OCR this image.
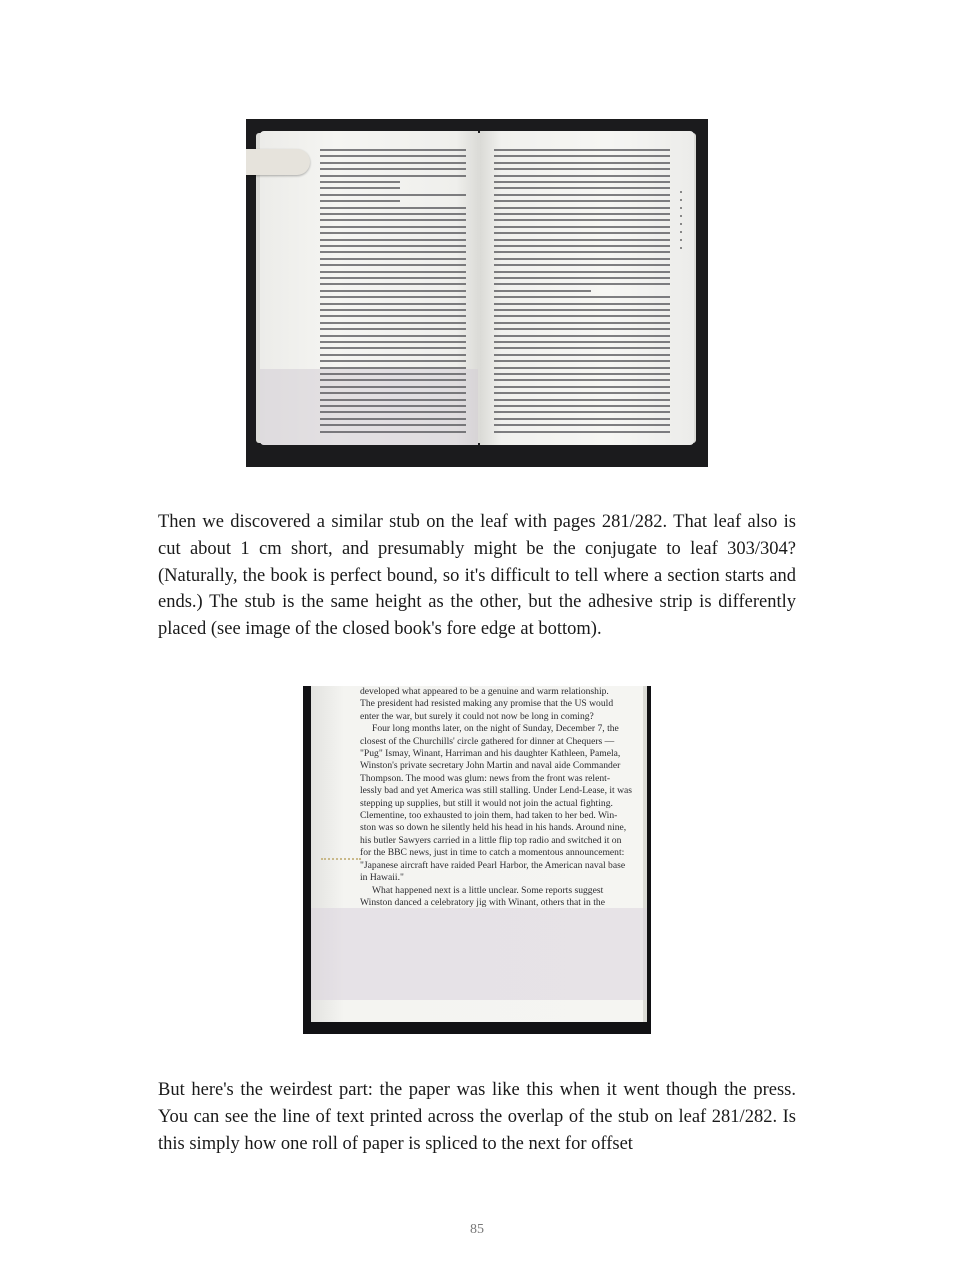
Then we discovered a similar stub on the leaf with pages 281/282. That leaf also is cut about 1 cm short, and presumably might be the conjugate to leaf 303/304? (Naturally, the book is perfect bound, so it's difficult to tell where a section starts and ends.) The stub is the same height as the other, but the adhesive strip is differently placed (see image of the closed book's fore edge at bottom).

developed what appeared to be a genuine and warm relationship.

The president had resisted making any promise that the US would

enter the war, but surely it could not now be long in coming?

Four long months later, on the night of Sunday, December 7, the

closest of the Churchills' circle gathered for dinner at Chequers —

"Pug" Ismay, Winant, Harriman and his daughter Kathleen, Pamela,

Winston's private secretary John Martin and naval aide Commander

Thompson. The mood was glum: news from the front was relent-

lessly bad and yet America was still stalling. Under Lend-Lease, it was

stepping up supplies, but still it would not join the actual fighting.

Clementine, too exhausted to join them, had taken to her bed. Win-

ston was so down he silently held his head in his hands. Around nine,

his butler Sawyers carried in a little flip top radio and switched it on

for the BBC news, just in time to catch a momentous announcement:

"Japanese aircraft have raided Pearl Harbor, the American naval base

in Hawaii."

What happened next is a little unclear. Some reports suggest

Winston danced a celebratory jig with Winant, others that in the

But here's the weirdest part: the paper was like this when it went though the press. You can see the line of text printed across the overlap of the stub on leaf 281/282. Is this simply how one roll of paper is spliced to the next for offset

85
